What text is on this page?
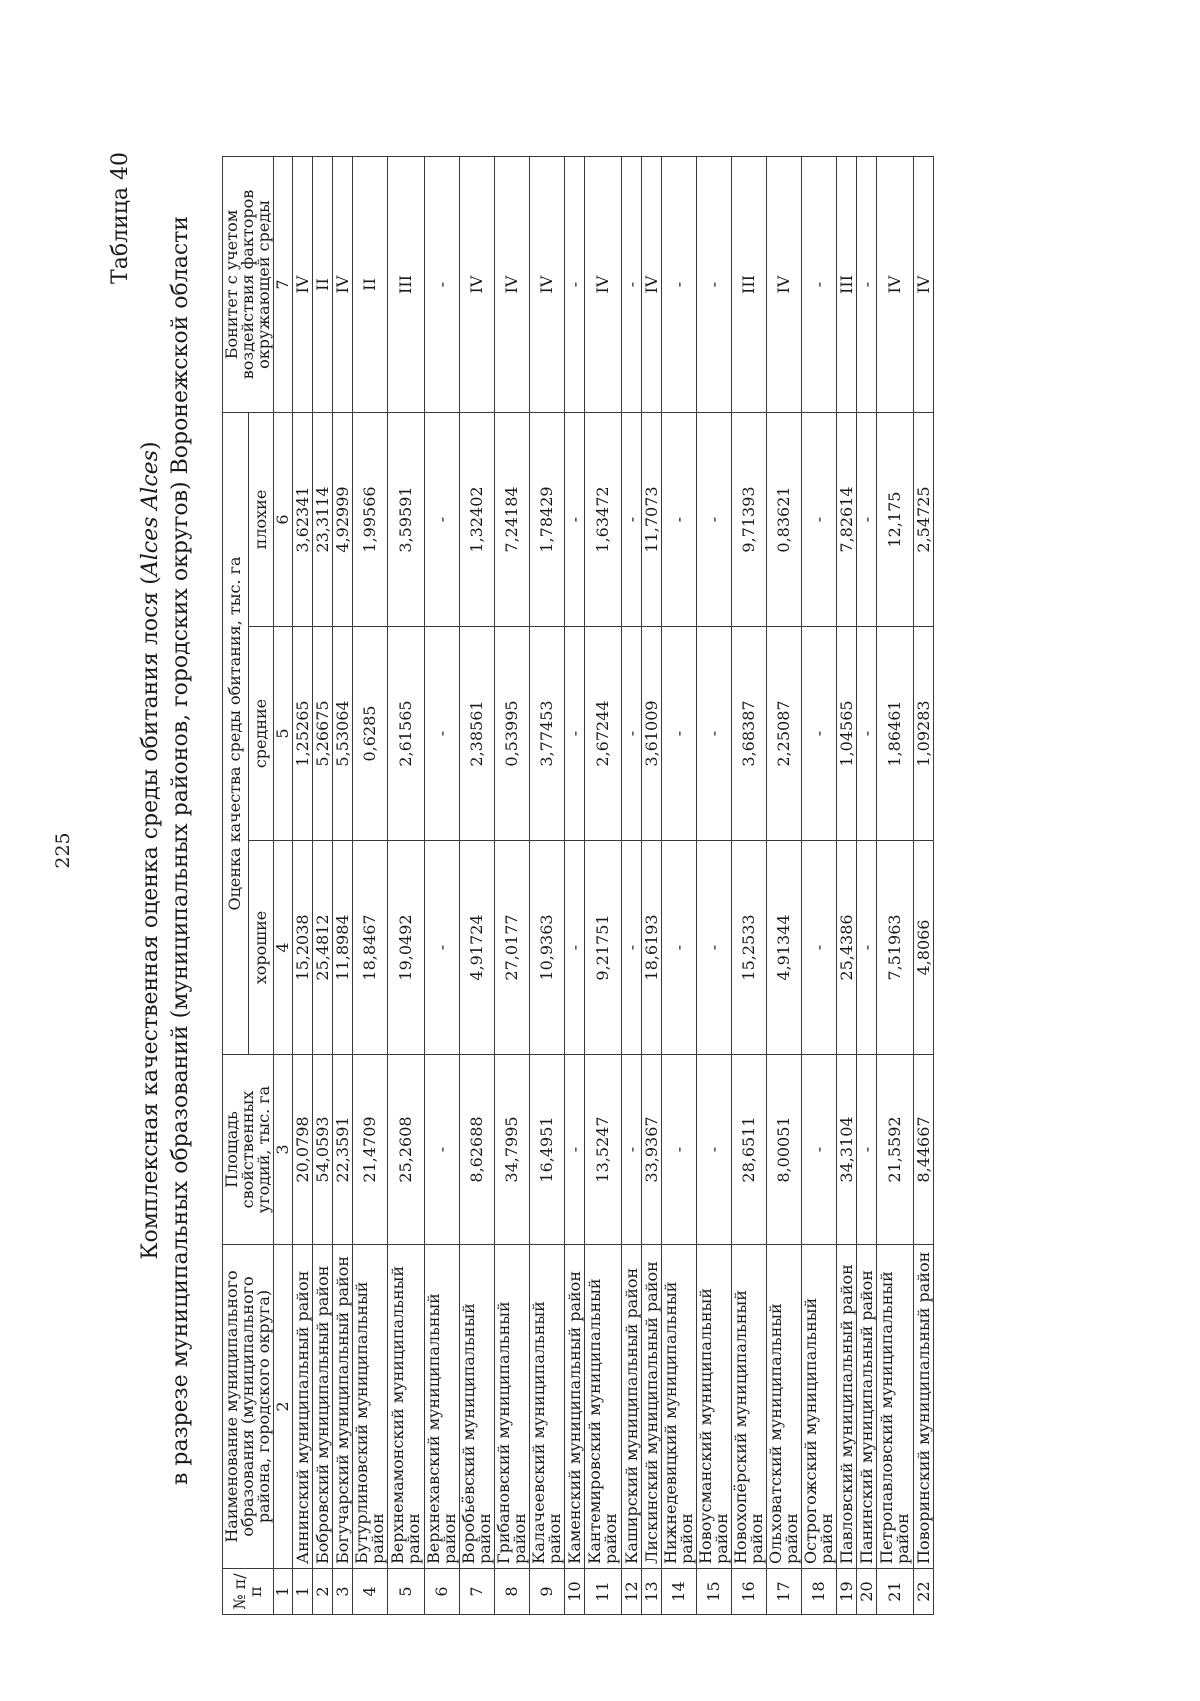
225

Таблица 40

Комплексная качественная оценка среды обитания лося (Alces Alces) в разрезе муниципальных образований (муниципальных районов, городских округов) Воронежской области
№ п/п	Наименование муниципального образования (муниципального района, городского округа)	Площадь свойственных угодий, тыс. га	Оценка качества среды обитания, тыс. га			Бонитет с учетом воздействия факторов окружающей среды
			хорошие	средние	плохие	
1	2	3	4	5	6	7
1	Аннинский муниципальный район	20,0798	15,2038	1,25265	3,62341	IV
2	Бобровский муниципальный район	54,0593	25,4812	5,26675	23,3114	II
3	Богучарский муниципальный район	22,3591	11,8984	5,53064	4,92999	IV
4	Бутурлиновский муниципальный район	21,4709	18,8467	0,6285	1,99566	II
5	Верхнемамонский муниципальный район	25,2608	19,0492	2,61565	3,59591	III
6	Верхнехавский муниципальный район	-	-	-	-	-
7	Воробьёвский муниципальный район	8,62688	4,91724	2,38561	1,32402	IV
8	Грибановский муниципальный район	34,7995	27,0177	0,53995	7,24184	IV
9	Калачеевский муниципальный район	16,4951	10,9363	3,77453	1,78429	IV
10	Каменский муниципальный район	-	-	-	-	-
11	Кантемировский муниципальный район	13,5247	9,21751	2,67244	1,63472	IV
12	Каширский муниципальный район	-	-	-	-	-
13	Лискинский муниципальный район	33,9367	18,6193	3,61009	11,7073	IV
14	Нижнедевицкий муниципальный район	-	-	-	-	-
15	Новоусманский муниципальный район	-	-	-	-	-
16	Новохопёрский муниципальный район	28,6511	15,2533	3,68387	9,71393	III
17	Ольховатский муниципальный район	8,00051	4,91344	2,25087	0,83621	IV
18	Острогожский муниципальный район	-	-	-	-	-
19	Павловский муниципальный район	34,3104	25,4386	1,04565	7,82614	III
20	Панинский муниципальный район	-	-	-	-	-
21	Петропавловский муниципальный район	21,5592	7,51963	1,86461	12,175	IV
22	Поворинский муниципальный район	8,44667	4,8066	1,09283	2,54725	IV
